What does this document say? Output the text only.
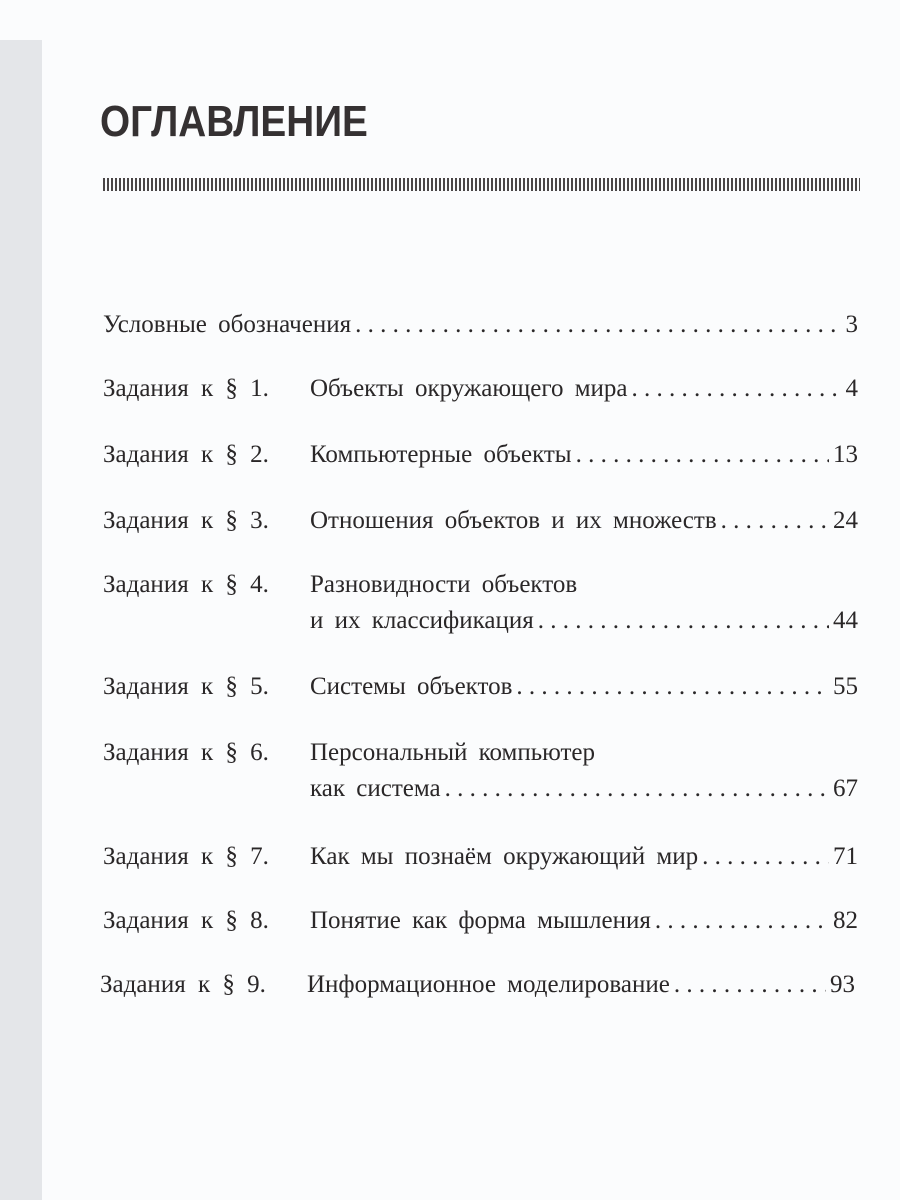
ОГЛАВЛЕНИЕ
Условные обозначения . . .	3
Задания к § 1.	Объекты окружающего мира . . .	4
Задания к § 2.	Компьютерные объекты . . .	13
Задания к § 3.	Отношения объектов и их множеств . . .	24
Задания к § 4.	Разновидности объектов
и их классификация . . .	44
Задания к § 5.	Системы объектов . . .	55
Задания к § 6.	Персональный компьютер
как система . . .	67
Задания к § 7.	Как мы познаём окружающий мир . . .	71
Задания к § 8.	Понятие как форма мышления . . .	82
Задания к § 9.	Информационное моделирование . . .	93
